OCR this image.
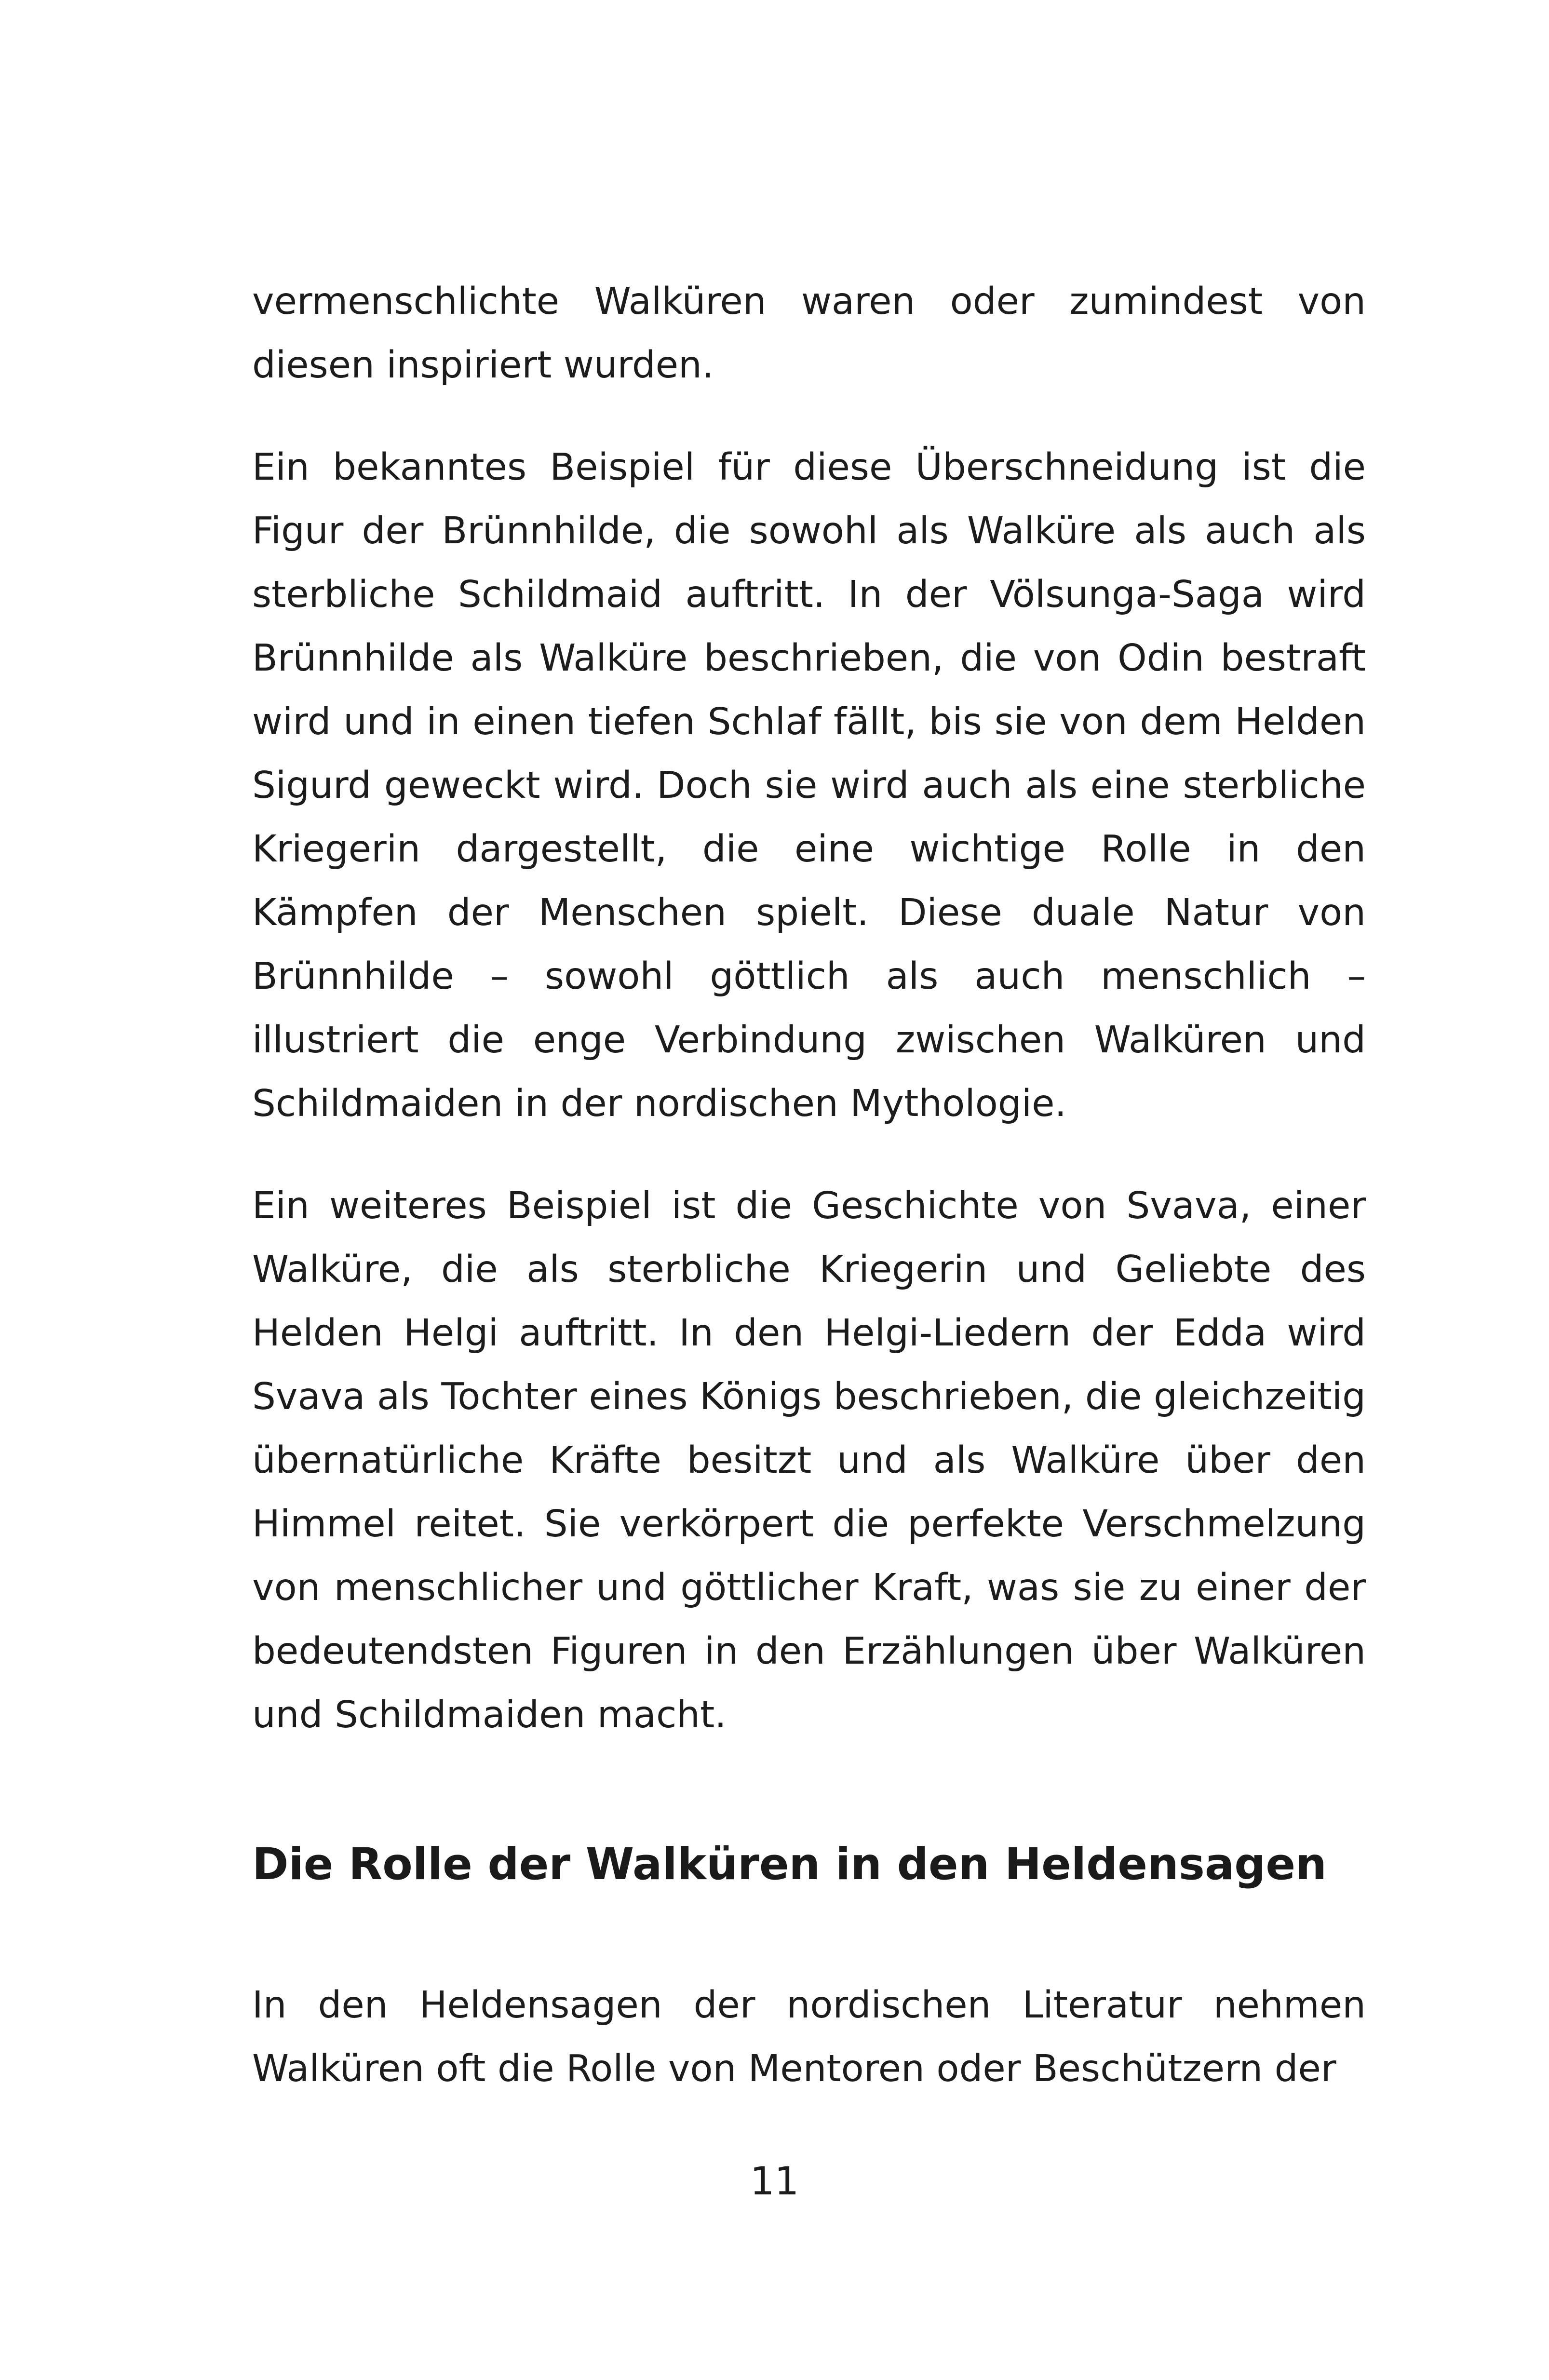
vermenschlichte Walküren waren oder zumindest von diesen inspiriert wurden.

Ein bekanntes Beispiel für diese Überschneidung ist die Figur der Brünnhilde, die sowohl als Walküre als auch als sterbliche Schildmaid auftritt. In der Völsunga-Saga wird Brünnhilde als Walküre beschrieben, die von Odin bestraft wird und in einen tiefen Schlaf fällt, bis sie von dem Helden Sigurd geweckt wird. Doch sie wird auch als eine sterbliche Kriegerin dargestellt, die eine wichtige Rolle in den Kämpfen der Menschen spielt. Diese duale Natur von Brünnhilde – sowohl göttlich als auch menschlich – illustriert die enge Verbindung zwischen Walküren und Schildmaiden in der nordischen Mythologie.

Ein weiteres Beispiel ist die Geschichte von Svava, einer Walküre, die als sterbliche Kriegerin und Geliebte des Helden Helgi auftritt. In den Helgi-Liedern der Edda wird Svava als Tochter eines Königs beschrieben, die gleichzeitig übernatürliche Kräfte besitzt und als Walküre über den Himmel reitet. Sie verkörpert die perfekte Verschmelzung von menschlicher und göttlicher Kraft, was sie zu einer der bedeutendsten Figuren in den Erzählungen über Walküren und Schildmaiden macht.

Die Rolle der Walküren in den Heldensagen

In den Heldensagen der nordischen Literatur nehmen Walküren oft die Rolle von Mentoren oder Beschützern der

11
